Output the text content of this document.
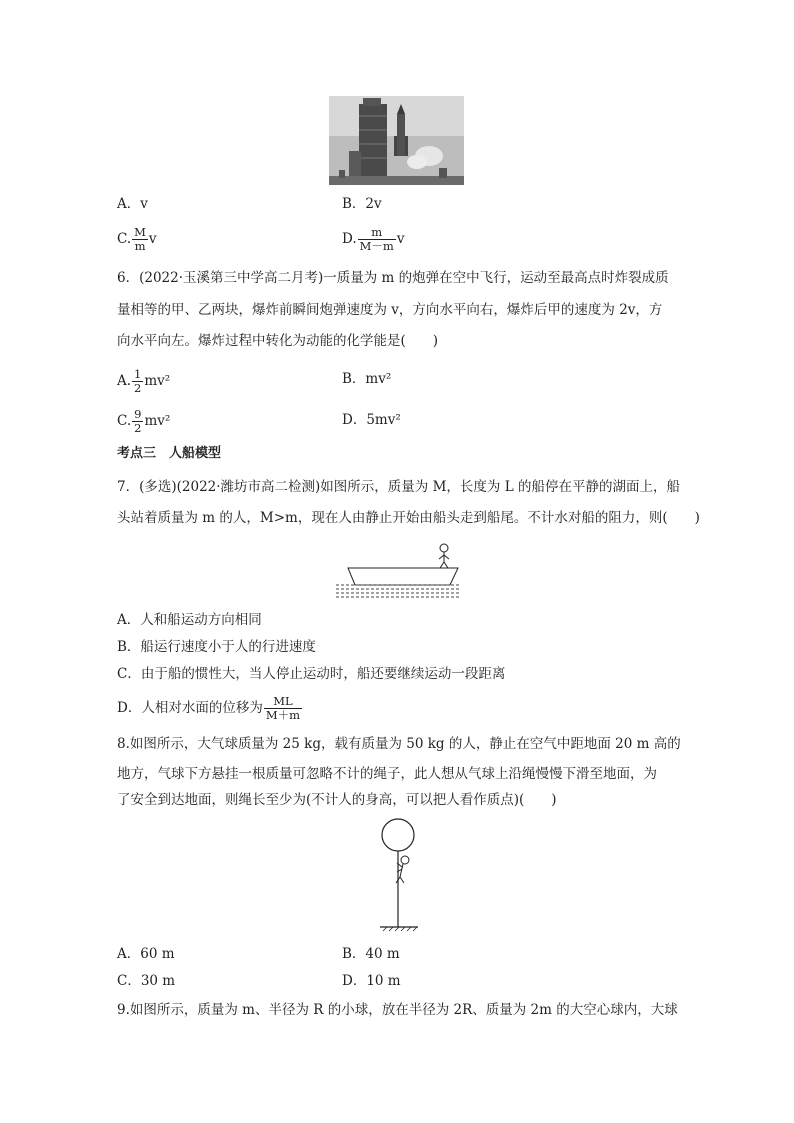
A．v	B．2v
C. $\frac{M}{m}$ v	D. $\frac{m}{M-m}$ v
6．(2022·玉溪第三中学高二月考)一质量为 m 的炮弹在空中飞行，运动至最高点时炸裂成质
量相等的甲、乙两块，爆炸前瞬间炮弹速度为 v，方向水平向右，爆炸后甲的速度为 2v，方
向水平向左。爆炸过程中转化为动能的化学能是(　　)
A. $\frac{1}{2} mv^2$	B．mv²
C. $\frac{9}{2} mv^2$	D．5mv²
考点三　人船模型
7．(多选)(2022·潍坊市高二检测)如图所示，质量为 M，长度为 L 的船停在平静的湖面上，船
头站着质量为 m 的人，M>m，现在人由静止开始由船头走到船尾。不计水对船的阻力，则(　　)
A．人和船运动方向相同
B．船运行速度小于人的行进速度
C．由于船的惯性大，当人停止运动时，船还要继续运动一段距离
D．人相对水面的位移为 $\frac{ML}{M+m}$
8.如图所示，大气球质量为 25 kg，载有质量为 50 kg 的人，静止在空气中距地面 20 m 高的
地方，气球下方悬挂一根质量可忽略不计的绳子，此人想从气球上沿绳慢慢下滑至地面，为
了安全到达地面，则绳长至少为(不计人的身高，可以把人看作质点)(　　)
A．60 m	B．40 m
C．30 m	D．10 m
9.如图所示，质量为 m、半径为 R 的小球，放在半径为 2R、质量为 2m 的大空心球内，大球
